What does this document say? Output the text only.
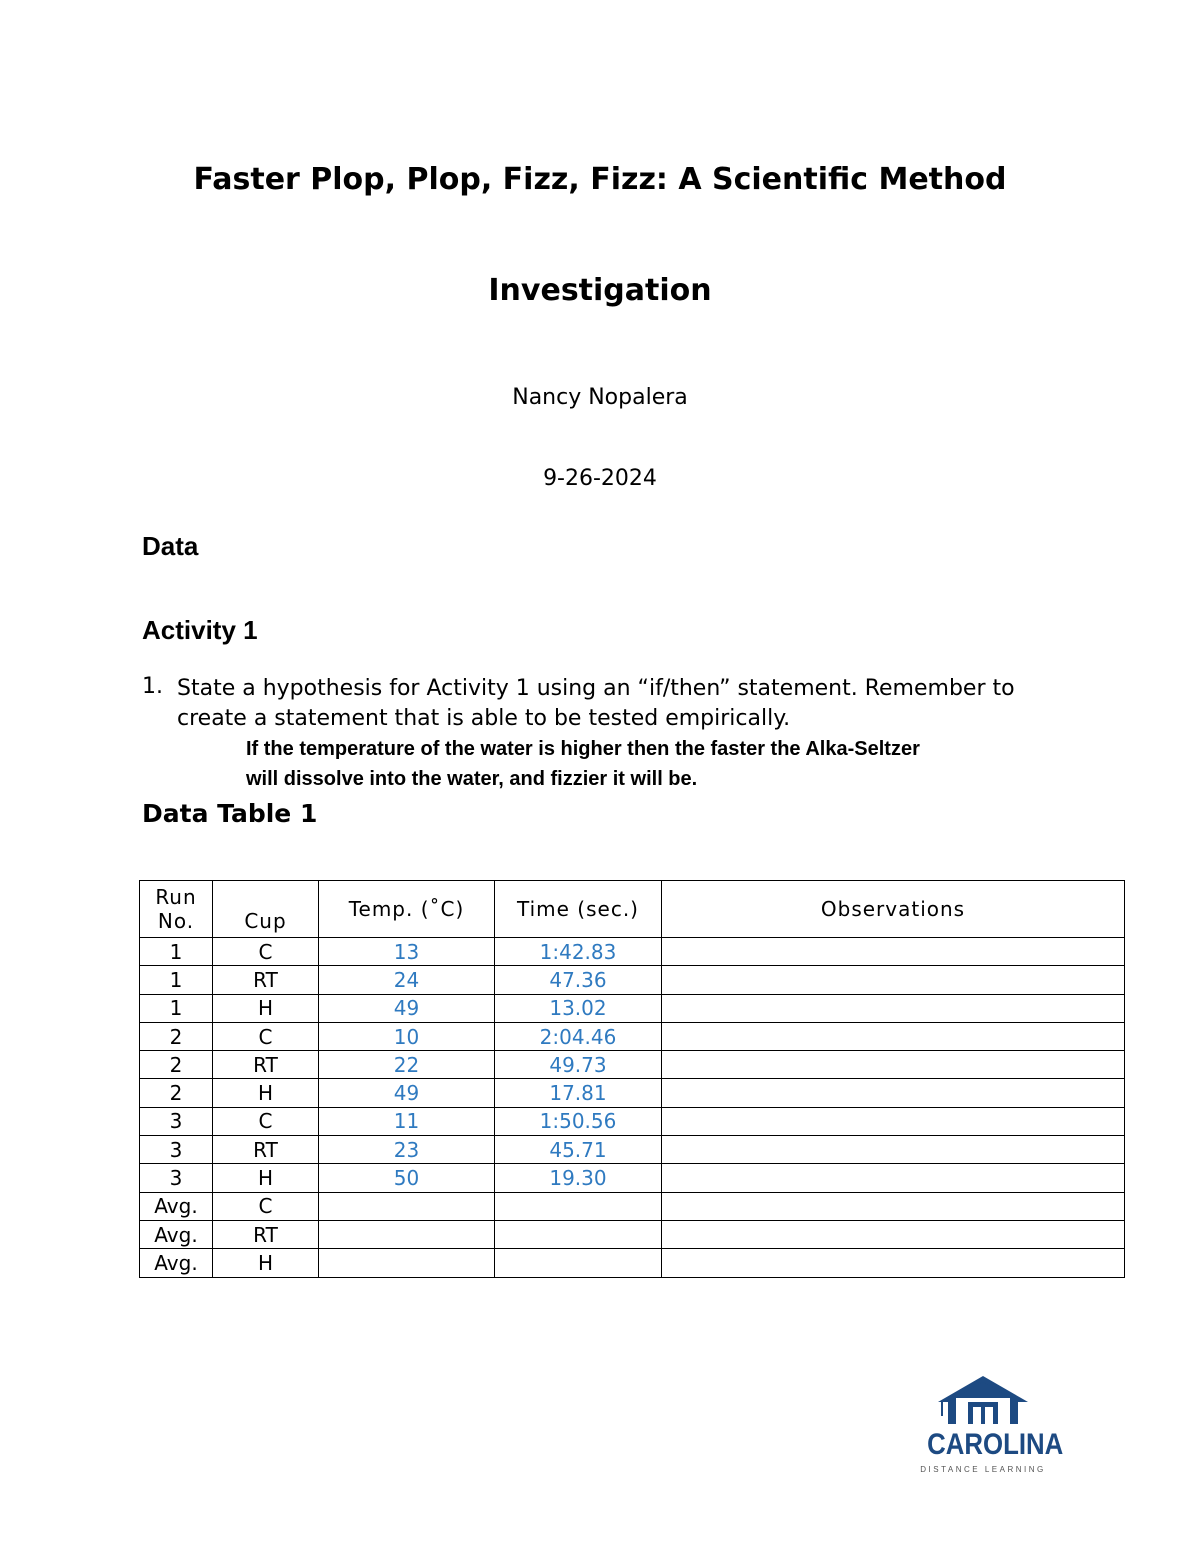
Faster Plop, Plop, Fizz, Fizz: A Scientific Method
Investigation
Nancy Nopalera
9-26-2024
Data
Activity 1
1. State a hypothesis for Activity 1 using an “if/then” statement. Remember to create a statement that is able to be tested empirically.
If the temperature of the water is higher then the faster the Alka-Seltzer
will dissolve into the water, and fizzier it will be.
Data Table 1
Run
No.	Cup	Temp. (˚C)	Time (sec.)	Observations
1	C	13	1:42.83	
1	RT	24	47.36	
1	H	49	13.02	
2	C	10	2:04.46	
2	RT	22	49.73	
2	H	49	17.81	
3	C	11	1:50.56	
3	RT	23	45.71	
3	H	50	19.30	
Avg.	C			
Avg.	RT			
Avg.	H			
CAROLINA
DISTANCE LEARNING
